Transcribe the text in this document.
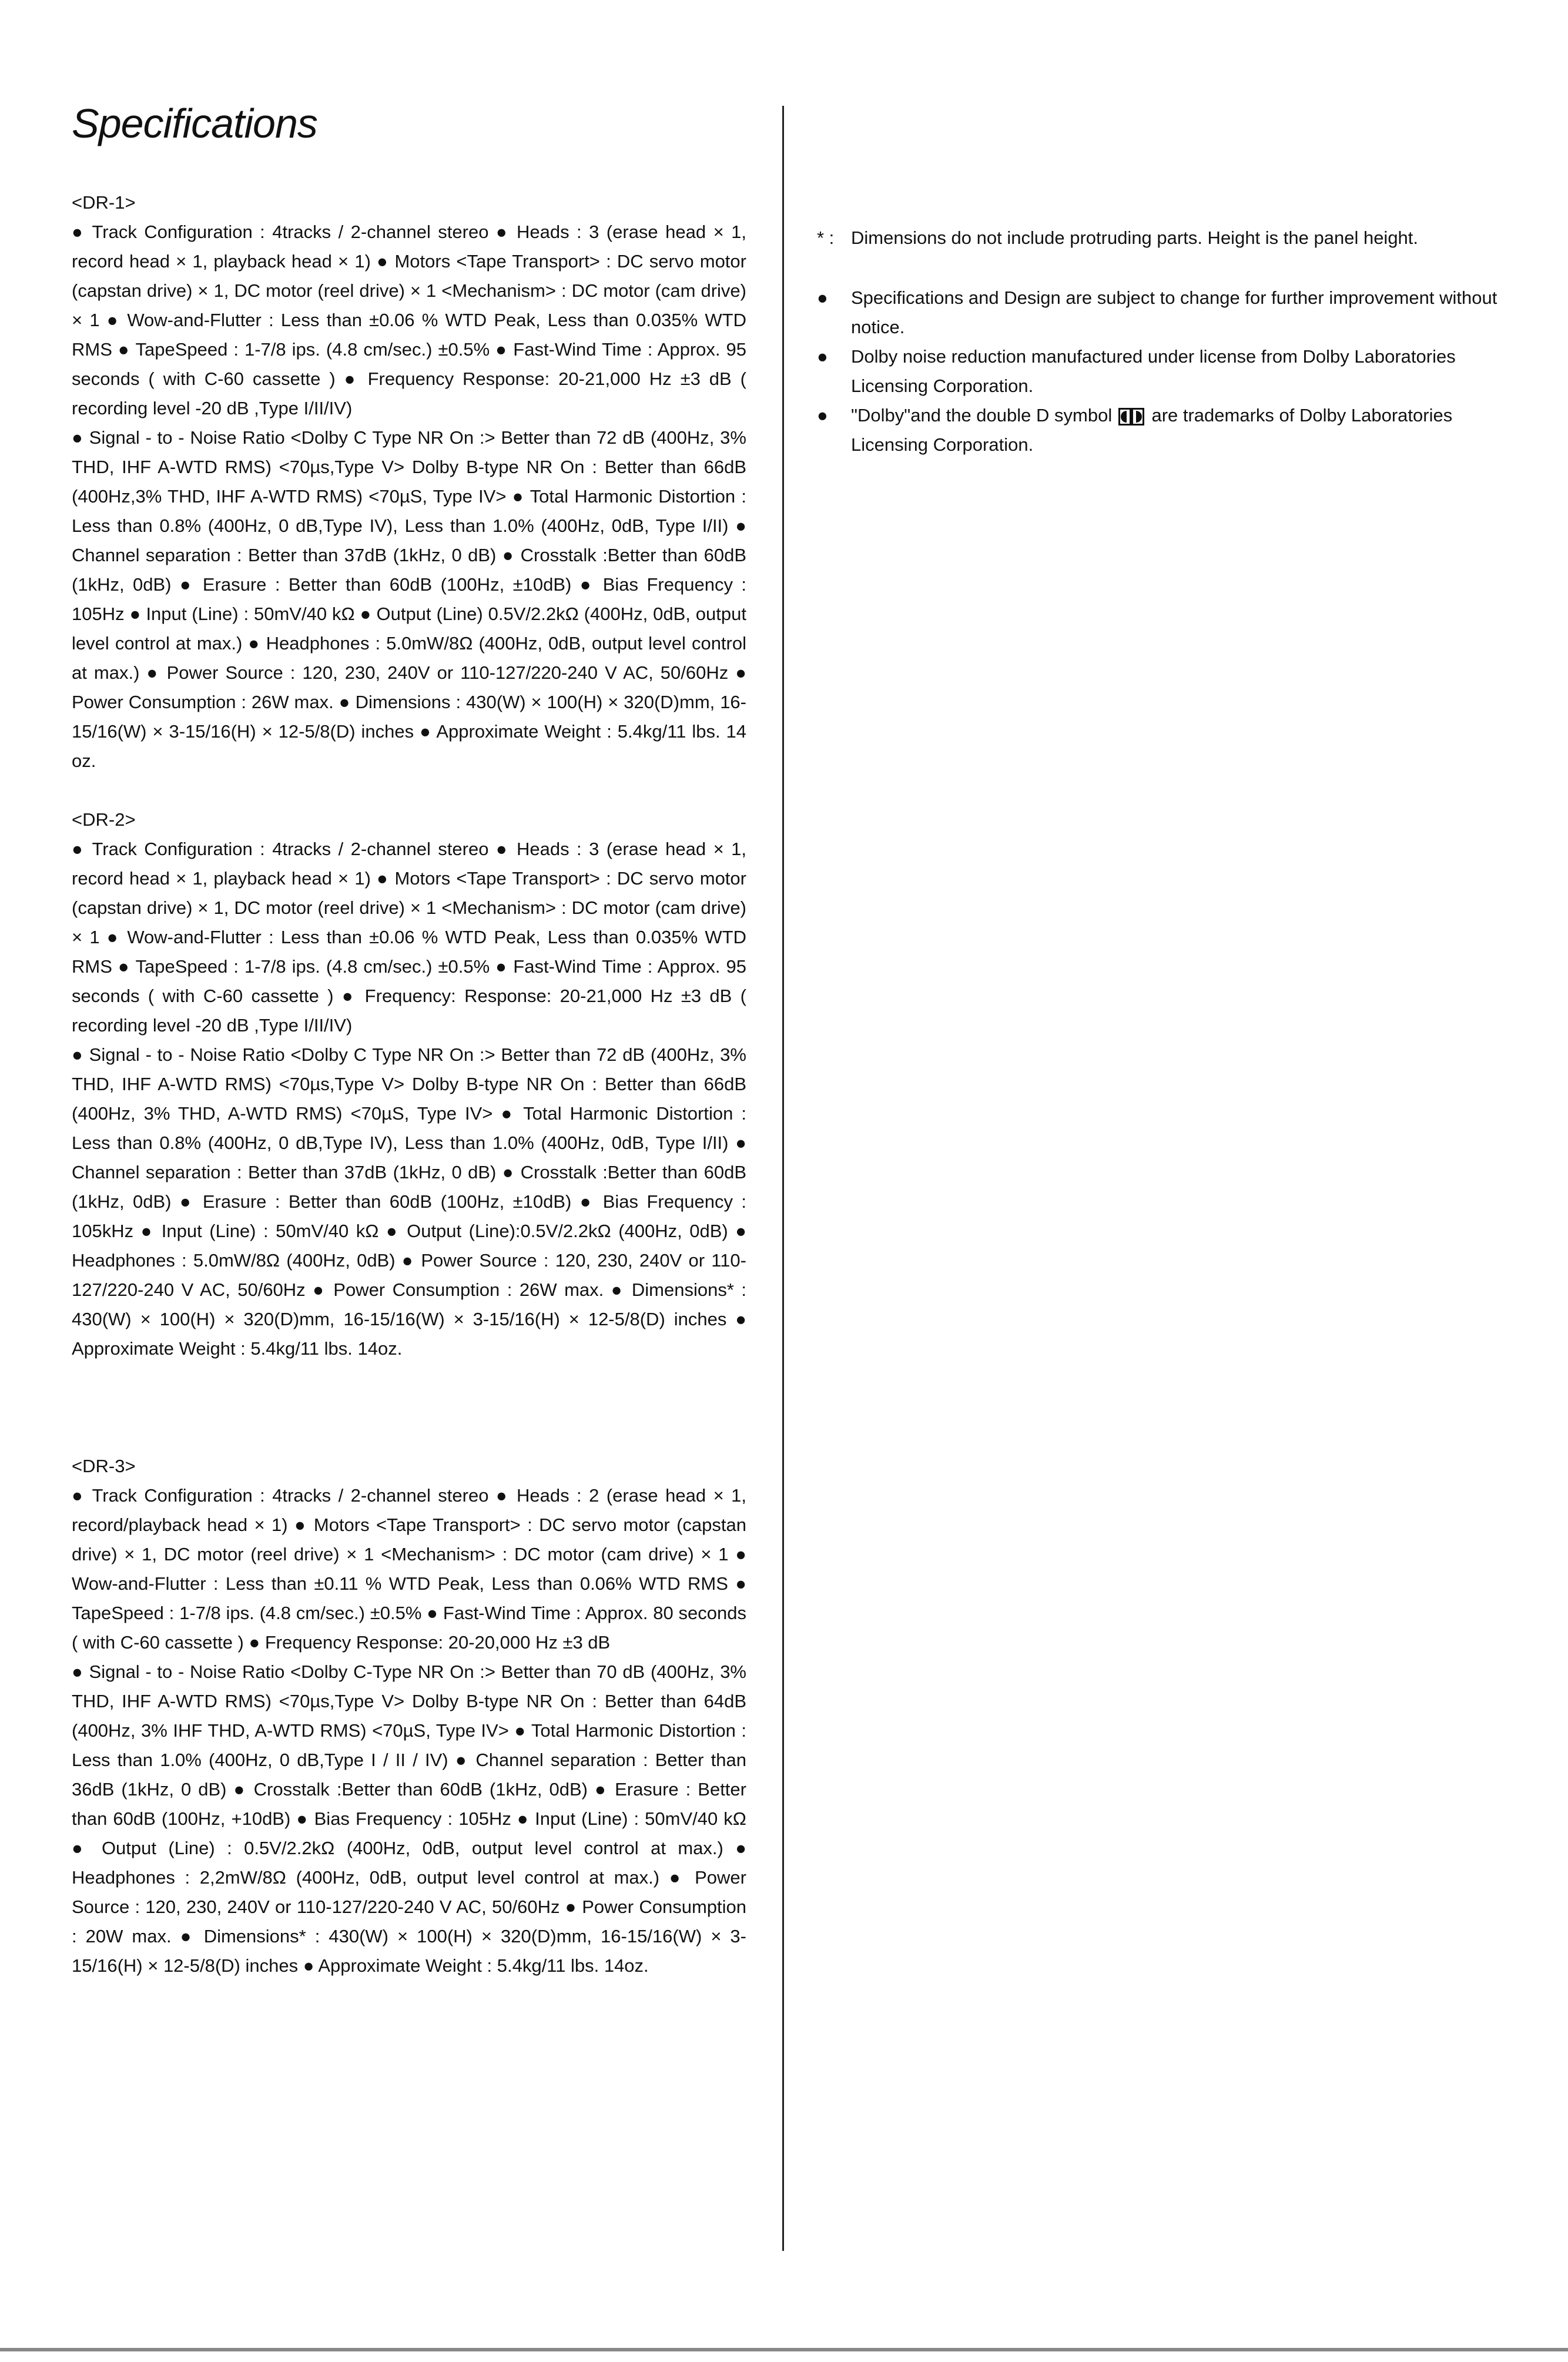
Specifications

<DR-1>

● Track Configuration : 4tracks / 2-channel stereo ● Heads : 3 (erase head × 1, record head × 1, playback head × 1) ● Motors <Tape Transport> : DC servo motor (capstan drive) × 1, DC motor (reel drive) × 1 <Mechanism> : DC motor (cam drive) × 1 ● Wow-and-Flutter : Less than ±0.06 % WTD Peak, Less than 0.035% WTD RMS ● TapeSpeed : 1-7/8 ips. (4.8 cm/sec.) ±0.5% ● Fast-Wind Time : Approx. 95 seconds ( with C-60 cassette ) ● Frequency Response: 20-21,000 Hz ±3 dB ( recording level -20 dB ,Type I/II/IV)

● Signal - to - Noise Ratio <Dolby C Type NR On :> Better than 72 dB (400Hz, 3% THD, IHF A-WTD RMS) <70µs,Type V> Dolby B-type NR On : Better than 66dB (400Hz,3% THD, IHF A-WTD RMS) <70µS, Type IV> ● Total Harmonic Distortion : Less than 0.8% (400Hz, 0 dB,Type IV), Less than 1.0% (400Hz, 0dB, Type I/II) ● Channel separation : Better than 37dB (1kHz, 0 dB) ● Crosstalk :Better than 60dB (1kHz, 0dB) ● Erasure : Better than 60dB (100Hz, ±10dB) ● Bias Frequency : 105Hz ● Input (Line) : 50mV/40 kΩ ● Output (Line) 0.5V/2.2kΩ (400Hz, 0dB, output level control at max.) ● Headphones : 5.0mW/8Ω (400Hz, 0dB, output level control at max.) ● Power Source : 120, 230, 240V or 110-127/220-240 V AC, 50/60Hz ● Power Consumption : 26W max. ● Dimensions : 430(W) × 100(H) × 320(D)mm, 16-15/16(W) × 3-15/16(H) × 12-5/8(D) inches ● Approximate Weight : 5.4kg/11 lbs. 14 oz.

<DR-2>

● Track Configuration : 4tracks / 2-channel stereo ● Heads : 3 (erase head × 1, record head × 1, playback head × 1) ● Motors <Tape Transport> : DC servo motor (capstan drive) × 1, DC motor (reel drive) × 1 <Mechanism> : DC motor (cam drive) × 1 ● Wow-and-Flutter : Less than ±0.06 % WTD Peak, Less than 0.035% WTD RMS ● TapeSpeed : 1-7/8 ips. (4.8 cm/sec.) ±0.5% ● Fast-Wind Time : Approx. 95 seconds ( with C-60 cassette ) ● Frequency: Response: 20-21,000 Hz ±3 dB ( recording level -20 dB ,Type I/II/IV)

● Signal - to - Noise Ratio <Dolby C Type NR On :> Better than 72 dB (400Hz, 3% THD, IHF A-WTD RMS) <70µs,Type V> Dolby B-type NR On : Better than 66dB (400Hz, 3% THD, A-WTD RMS) <70µS, Type IV> ● Total Harmonic Distortion : Less than 0.8% (400Hz, 0 dB,Type IV), Less than 1.0% (400Hz, 0dB, Type I/II) ● Channel separation : Better than 37dB (1kHz, 0 dB) ● Crosstalk :Better than 60dB (1kHz, 0dB) ● Erasure : Better than 60dB (100Hz, ±10dB) ● Bias Frequency : 105kHz ● Input (Line) : 50mV/40 kΩ ● Output (Line):0.5V/2.2kΩ (400Hz, 0dB) ● Headphones : 5.0mW/8Ω (400Hz, 0dB) ● Power Source : 120, 230, 240V or 110-127/220-240 V AC, 50/60Hz ● Power Consumption : 26W max. ● Dimensions* : 430(W) × 100(H) × 320(D)mm, 16-15/16(W) × 3-15/16(H) × 12-5/8(D) inches ● Approximate Weight : 5.4kg/11 lbs. 14oz.

<DR-3>

● Track Configuration : 4tracks / 2-channel stereo ● Heads : 2 (erase head × 1, record/playback head × 1) ● Motors <Tape Transport> : DC servo motor (capstan drive) × 1, DC motor (reel drive) × 1 <Mechanism> : DC motor (cam drive) × 1 ● Wow-and-Flutter : Less than ±0.11 % WTD Peak, Less than 0.06% WTD RMS ● TapeSpeed : 1-7/8 ips. (4.8 cm/sec.) ±0.5% ● Fast-Wind Time : Approx. 80 seconds ( with C-60 cassette ) ● Frequency Response: 20-20,000 Hz ±3 dB

● Signal - to - Noise Ratio <Dolby C-Type NR On :> Better than 70 dB (400Hz, 3% THD, IHF A-WTD RMS) <70µs,Type V> Dolby B-type NR On : Better than 64dB (400Hz, 3% IHF THD, A-WTD RMS) <70µS, Type IV> ● Total Harmonic Distortion : Less than 1.0% (400Hz, 0 dB,Type I / II / IV) ● Channel separation : Better than 36dB (1kHz, 0 dB) ● Crosstalk :Better than 60dB (1kHz, 0dB) ● Erasure : Better than 60dB (100Hz, +10dB) ● Bias Frequency : 105Hz ● Input (Line) : 50mV/40 kΩ ● Output (Line) : 0.5V/2.2kΩ (400Hz, 0dB, output level control at max.) ● Headphones : 2,2mW/8Ω (400Hz, 0dB, output level control at max.) ● Power Source : 120, 230, 240V or 110-127/220-240 V AC, 50/60Hz ● Power Consumption : 20W max. ● Dimensions* : 430(W) × 100(H) × 320(D)mm, 16-15/16(W) × 3-15/16(H) × 12-5/8(D) inches ● Approximate Weight : 5.4kg/11 lbs. 14oz.

* : Dimensions do not include protruding parts. Height is the panel height.
●	Specifications and Design are subject to change for further improvement without notice.
●	Dolby noise reduction manufactured under license from Dolby Laboratories Licensing Corporation.
●	"Dolby"and the double D symbol are trademarks of Dolby Laboratories Licensing Corporation.
